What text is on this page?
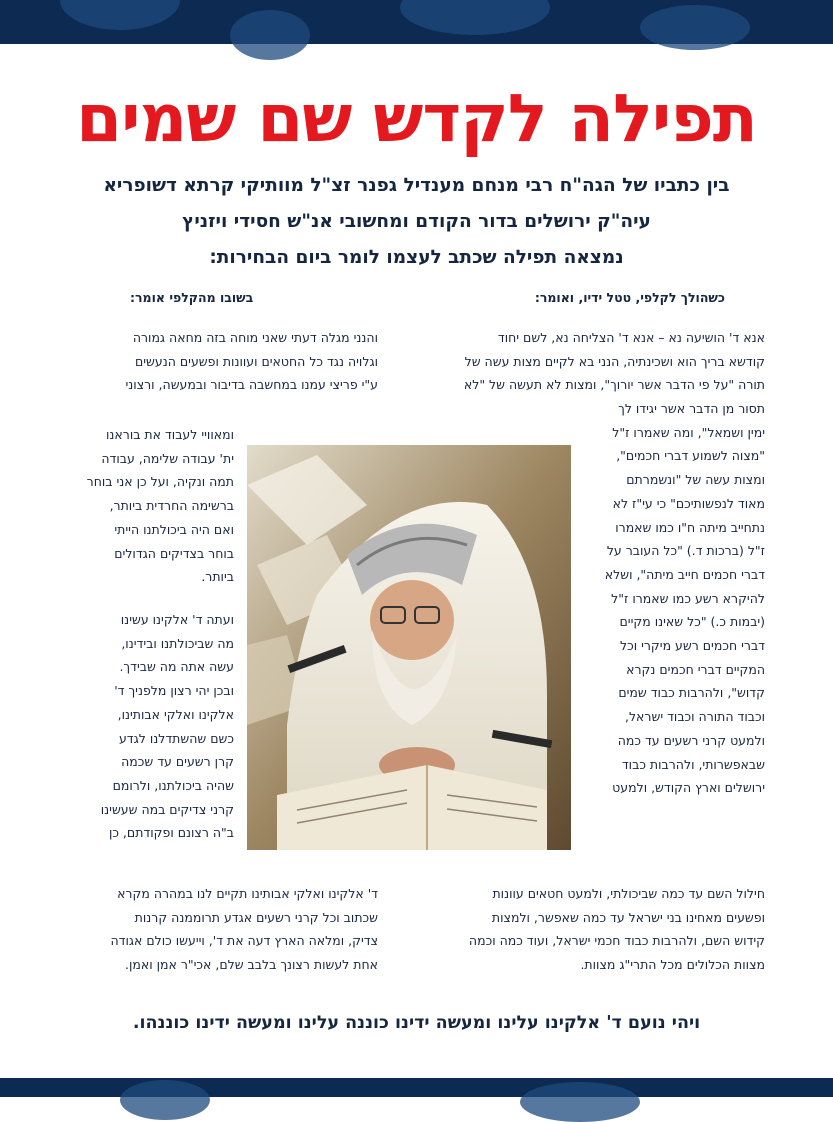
תפילה לקדש שם שמים
בין כתביו של הגה"ח רבי מנחם מענדיל גפנר זצ"ל מוותיקי קרתא דשופריא
עיה"ק ירושלים בדור הקודם ומחשובי אנ"ש חסידי ויזניץ
נמצאה תפילה שכתב לעצמו לומר ביום הבחירות:
כשהולך לקלפי, טטל ידיו, ואומר:
בשובו מהקלפי אומר:
אנא ד' הושיעה נא – אנא ד' הצליחה נא, לשם יחוד
קודשא בריך הוא ושכינתיה, הנני בא לקיים מצות עשה של
תורה "על פי הדבר אשר יורוך", ומצות לא תעשה של "לא
תסור מן הדבר אשר יגידו לך
ימין ושמאל", ומה שאמרו ז"ל
"מצוה לשמוע דברי חכמים",
ומצות עשה של "ונשמרתם
מאוד לנפשותיכם" כי עי"ז לא
נתחייב מיתה ח"ו כמו שאמרו
ז"ל (ברכות ד.) "כל העובר על
דברי חכמים חייב מיתה", ושלא
להיקרא רשע כמו שאמרו ז"ל
(יבמות כ.) "כל שאינו מקיים
דברי חכמים רשע מיקרי וכל
המקיים דברי חכמים נקרא
קדוש", ולהרבות כבוד שמים
וכבוד התורה וכבוד ישראל,
ולמעט קרני רשעים עד כמה
שבאפשרותי, ולהרבות כבוד
ירושלים וארץ הקודש, ולמעט
חילול השם עד כמה שביכולתי, ולמעט חטאים עוונות
ופשעים מאחינו בני ישראל עד כמה שאפשר, ולמצות
קידוש השם, ולהרבות כבוד חכמי ישראל, ועוד כמה וכמה
מצוות הכלולים מכל התרי"ג מצוות.
והנני מגלה דעתי שאני מוחה בזה מחאה גמורה
וגלויה נגד כל החטאים ועוונות ופשעים הנעשים
ע"י פריצי עמנו במחשבה בדיבור ובמעשה, ורצוני
ומאוויי לעבוד את בוראנו
ית' עבודה שלימה, עבודה
תמה ונקיה, ועל כן אני בוחר
ברשימה החרדית ביותר,
ואם היה ביכולתנו הייתי
בוחר בצדיקים הגדולים
ביותר.
ועתה ד' אלקינו עשינו
מה שביכולתנו ובידינו,
עשה אתה מה שבידך.
ובכן יהי רצון מלפניך ד'
אלקינו ואלקי אבותינו,
כשם שהשתדלנו לגדע
קרן רשעים עד שכמה
שהיה ביכולתנו, ולרומם
קרני צדיקים במה שעשינו
ב"ה רצונם ופקודתם, כן
ד' אלקינו ואלקי אבותינו תקיים לנו במהרה מקרא
שכתוב וכל קרני רשעים אגדע תרוממנה קרנות
צדיק, ומלאה הארץ דעה את ד', וייעשו כולם אגודה
אחת לעשות רצונך בלבב שלם, אכי"ר אמן ואמן.
ויהי נועם ד' אלקינו עלינו ומעשה ידינו כוננה עלינו ומעשה ידינו כוננהו.
